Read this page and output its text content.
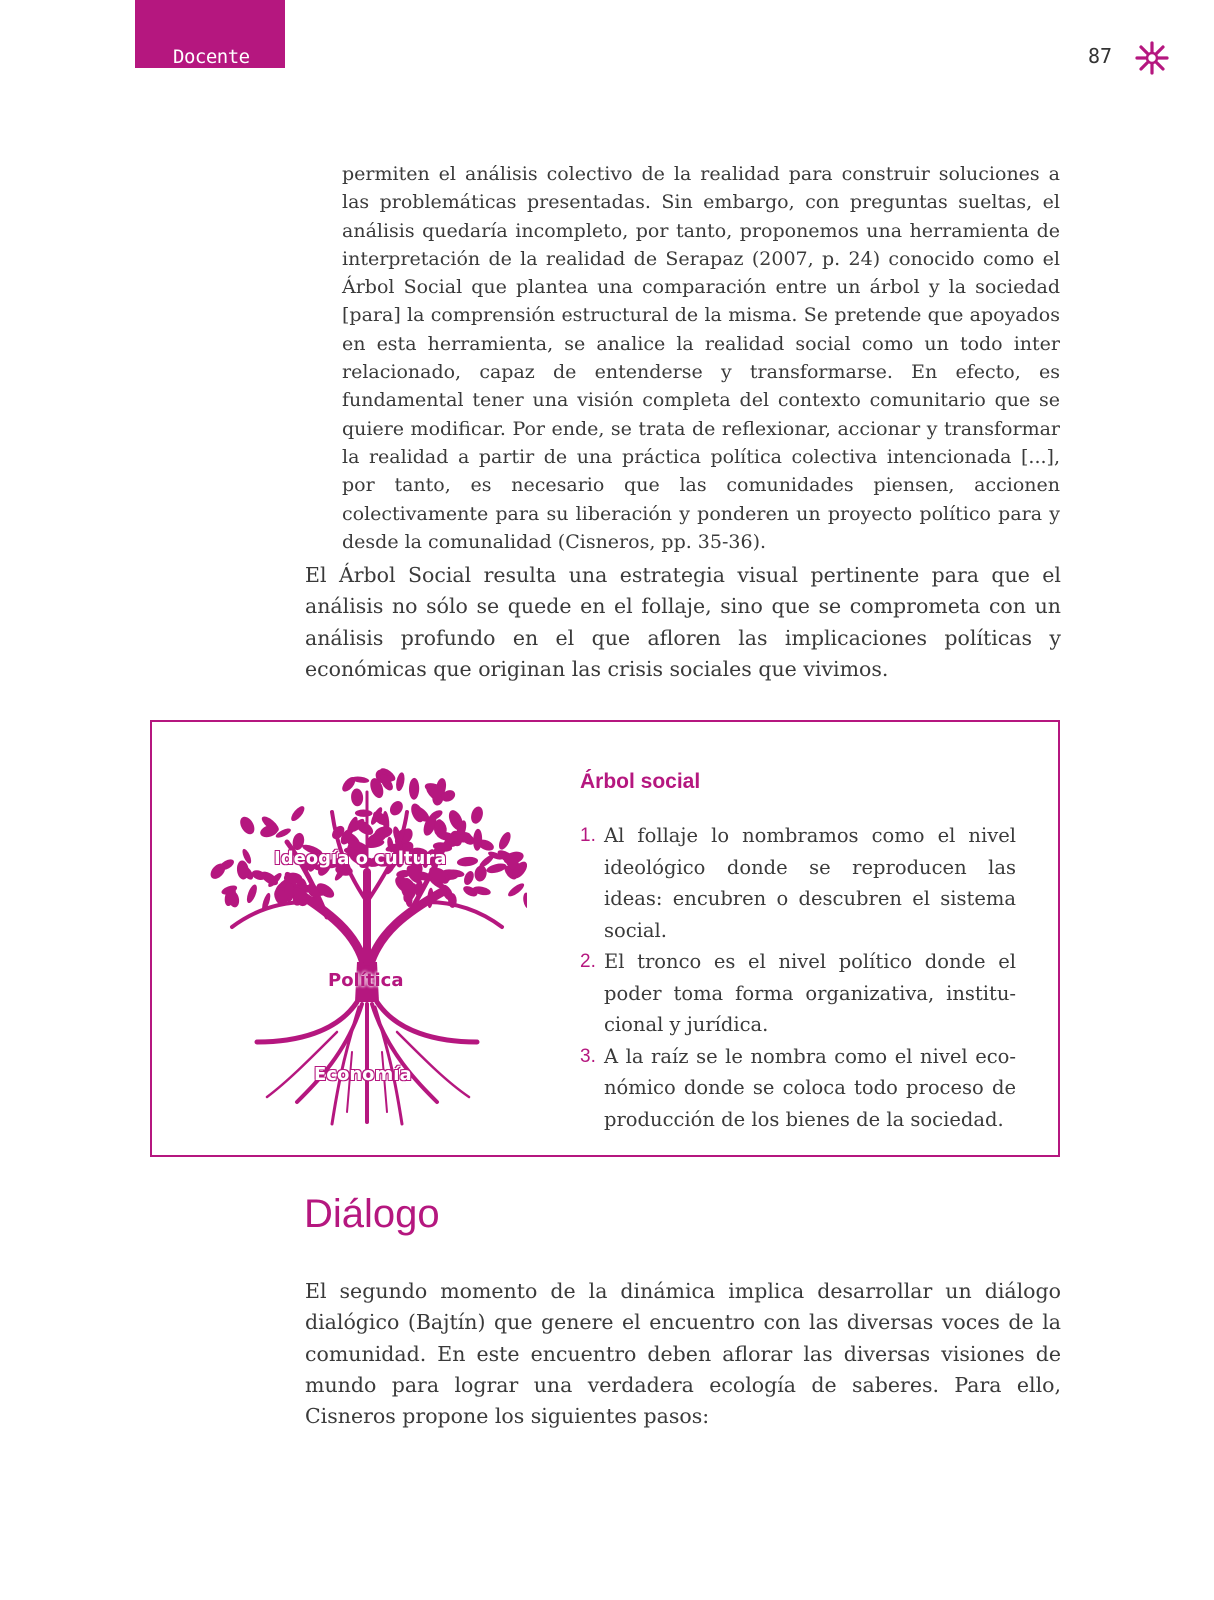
Docente	87

permiten el análisis colectivo de la realidad para construir soluciones a las problemáticas presentadas. Sin embargo, con preguntas sueltas, el análisis quedaría incompleto, por tanto, proponemos una herramienta de interpretación de la realidad de Serapaz (2007, p. 24) conocido como el Árbol Social que plantea una comparación entre un árbol y la sociedad [para] la comprensión estructural de la misma. Se pretende que apoyados en esta herramienta, se analice la realidad social como un todo inter relacionado, capaz de entenderse y transformarse. En efecto, es fundamental tener una visión completa del contexto comunitario que se quiere modificar. Por ende, se trata de reflexionar, accionar y transformar la realidad a partir de una práctica política colectiva intencionada [...], por tanto, es necesario que las comunidades piensen, accionen colectivamente para su liberación y ponderen un proyecto político para y desde la comunalidad (Cisneros, pp. 35-36).

El Árbol Social resulta una estrategia visual pertinente para que el análisis no sólo se quede en el follaje, sino que se comprometa con un análisis profundo en el que afloren las implicaciones políticas y económicas que originan las crisis sociales que vivimos.

Ideogía o cultura
Política
Economía
Árbol social
1. Al follaje lo nombramos como el nivel ideológico donde se reproducen las ideas: encubren o descubren el sistema social.
2. El tronco es el nivel político donde el poder toma forma organizativa, institucional y jurídica.
3. A la raíz se le nombra como el nivel económico donde se coloca todo proceso de producción de los bienes de la sociedad.
Diálogo

El segundo momento de la dinámica implica desarrollar un diálogo dialógico (Bajtín) que genere el encuentro con las diversas voces de la comunidad. En este encuentro deben aflorar las diversas visiones de mundo para lograr una verdadera ecología de saberes. Para ello, Cisneros propone los siguientes pasos:
